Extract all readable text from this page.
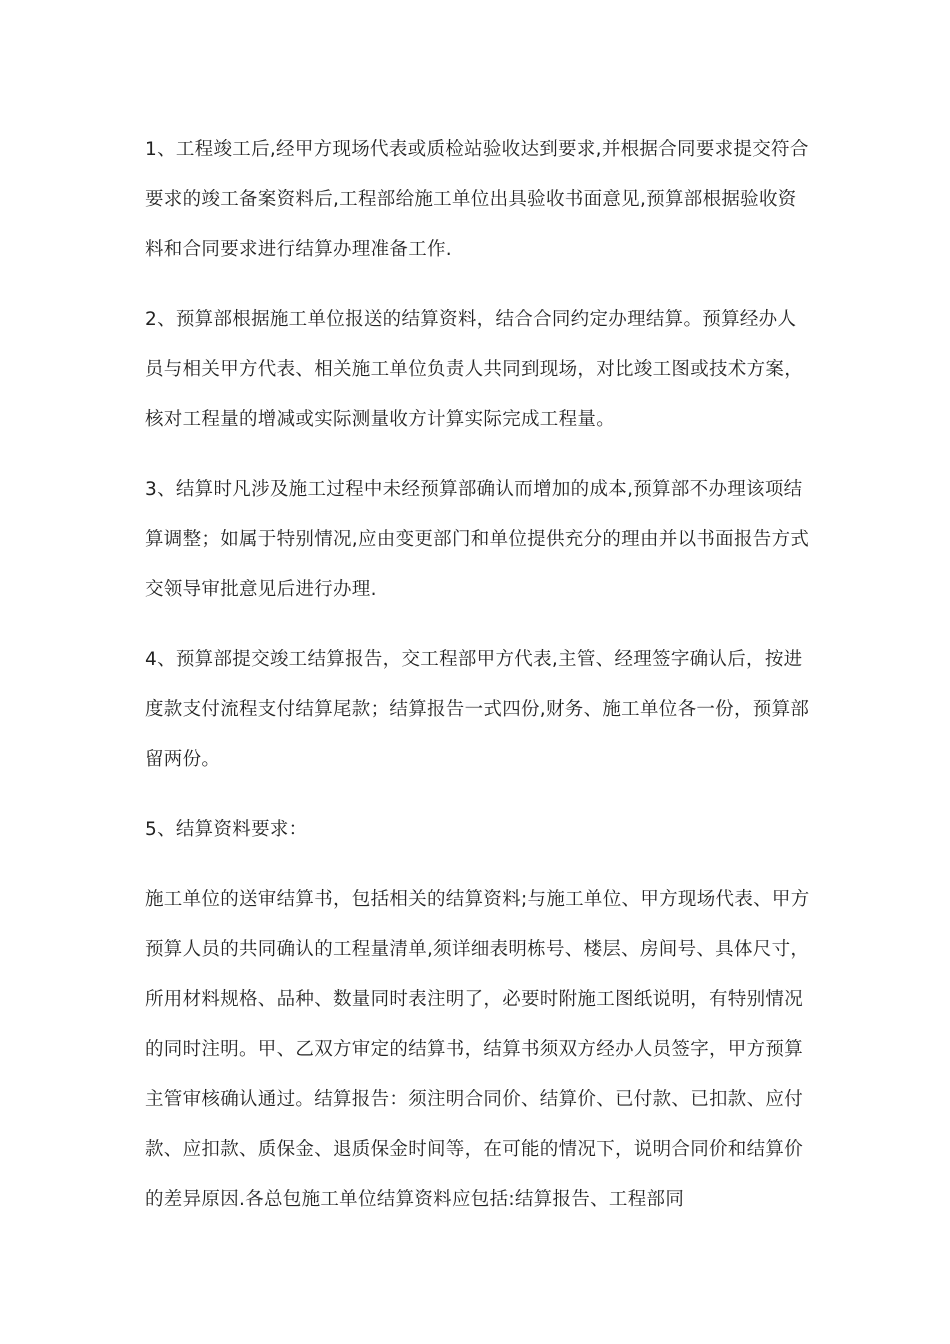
1、工程竣工后,经甲方现场代表或质检站验收达到要求,并根据合同要求提交符合要求的竣工备案资料后,工程部给施工单位出具验收书面意见,预算部根据验收资料和合同要求进行结算办理准备工作.

2、预算部根据施工单位报送的结算资料，结合合同约定办理结算。预算经办人员与相关甲方代表、相关施工单位负责人共同到现场，对比竣工图或技术方案，核对工程量的增减或实际测量收方计算实际完成工程量。

3、结算时凡涉及施工过程中未经预算部确认而增加的成本,预算部不办理该项结算调整；如属于特别情况,应由变更部门和单位提供充分的理由并以书面报告方式交领导审批意见后进行办理.

4、预算部提交竣工结算报告，交工程部甲方代表,主管、经理签字确认后，按进度款支付流程支付结算尾款；结算报告一式四份,财务、施工单位各一份，预算部留两份。

5、结算资料要求：

施工单位的送审结算书，包括相关的结算资料;与施工单位、甲方现场代表、甲方预算人员的共同确认的工程量清单,须详细表明栋号、楼层、房间号、具体尺寸，所用材料规格、品种、数量同时表注明了，必要时附施工图纸说明，有特别情况的同时注明。甲、乙双方审定的结算书，结算书须双方经办人员签字，甲方预算主管审核确认通过。结算报告：须注明合同价、结算价、已付款、已扣款、应付款、应扣款、质保金、退质保金时间等，在可能的情况下，说明合同价和结算价的差异原因.各总包施工单位结算资料应包括:结算报告、工程部同
